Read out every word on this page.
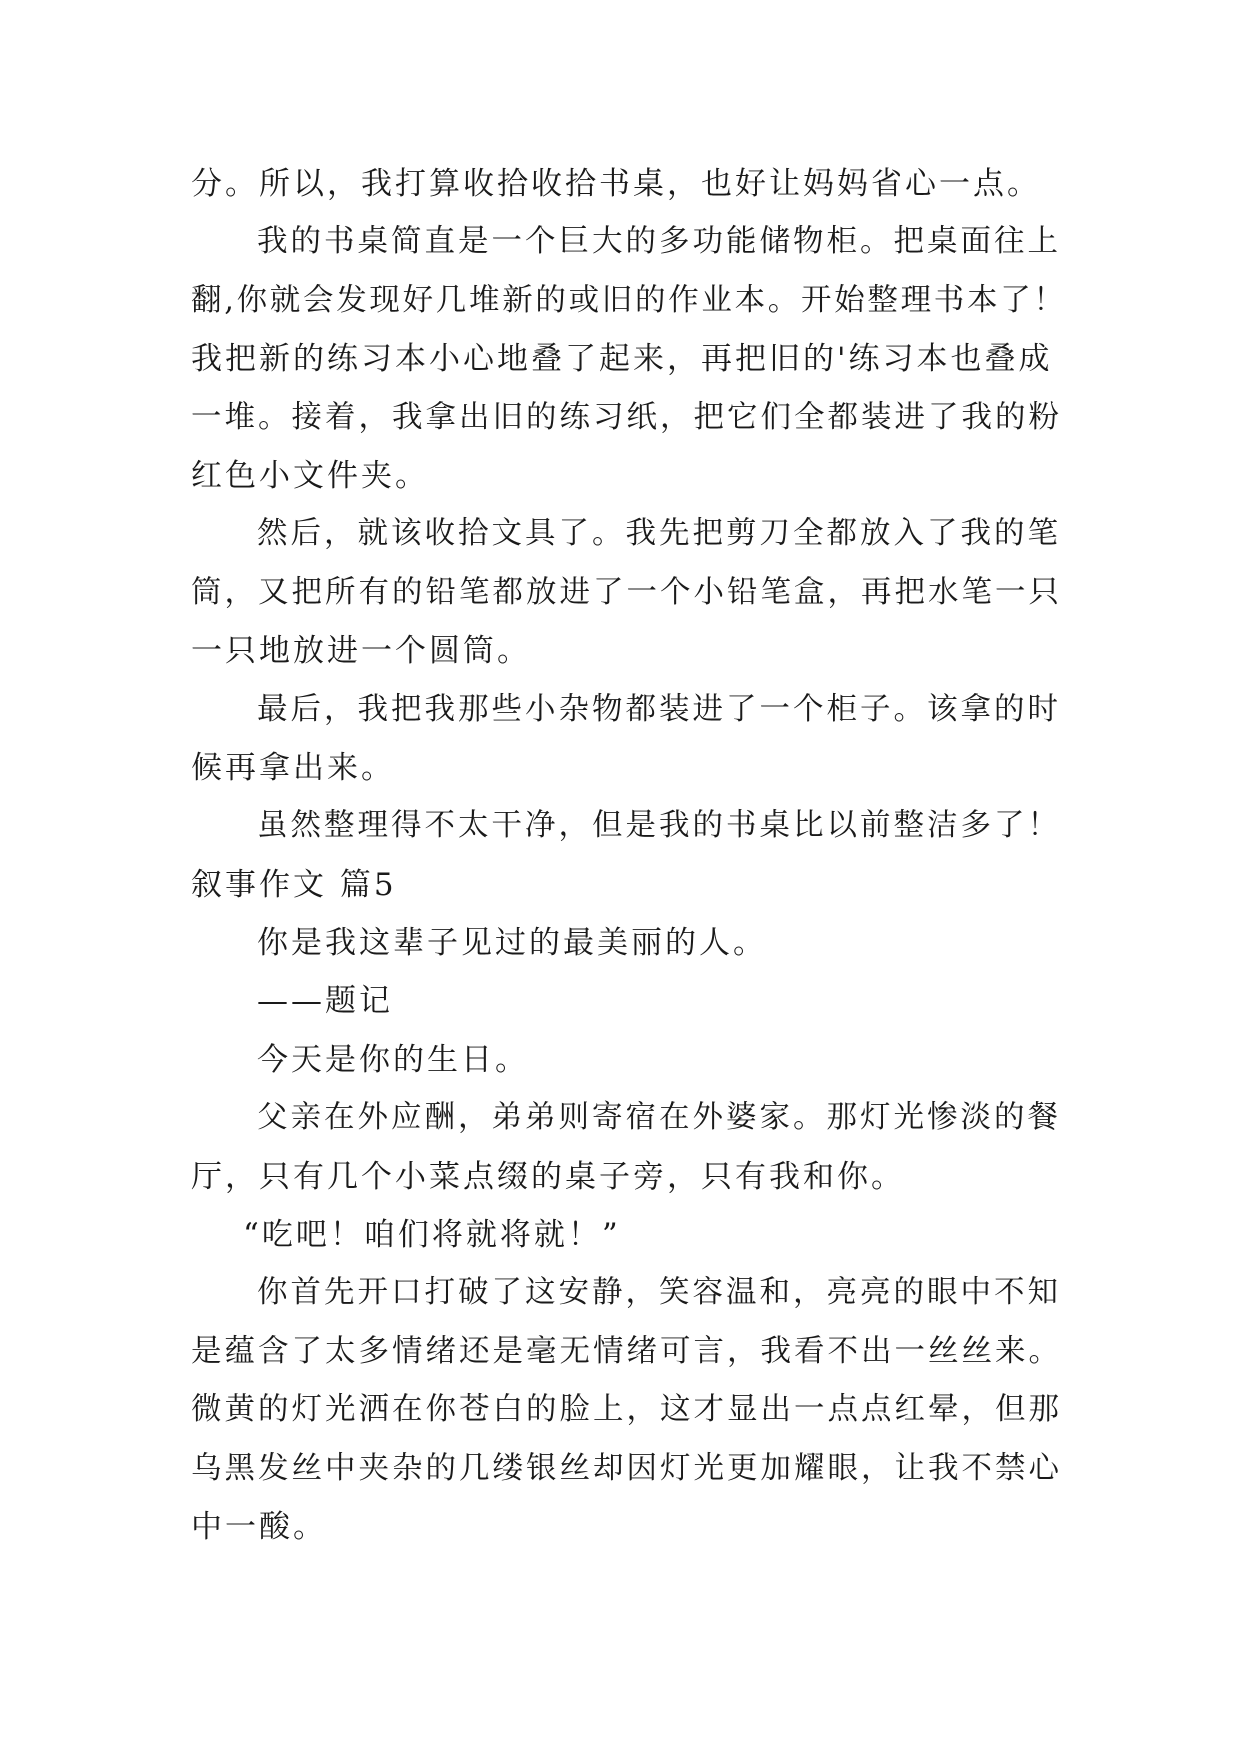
分。所以，我打算收拾收拾书桌，也好让妈妈省心一点。

我的书桌简直是一个巨大的多功能储物柜。把桌面往上

翻,你就会发现好几堆新的或旧的作业本。开始整理书本了！

我把新的练习本小心地叠了起来，再把旧的'练习本也叠成

一堆。接着，我拿出旧的练习纸，把它们全都装进了我的粉

红色小文件夹。

然后，就该收拾文具了。我先把剪刀全都放入了我的笔

筒，又把所有的铅笔都放进了一个小铅笔盒，再把水笔一只

一只地放进一个圆筒。

最后，我把我那些小杂物都装进了一个柜子。该拿的时

候再拿出来。

虽然整理得不太干净，但是我的书桌比以前整洁多了！

叙事作文 篇5

你是我这辈子见过的最美丽的人。

——题记

今天是你的生日。

父亲在外应酬，弟弟则寄宿在外婆家。那灯光惨淡的餐

厅，只有几个小菜点缀的桌子旁，只有我和你。

“吃吧！咱们将就将就！”

你首先开口打破了这安静，笑容温和，亮亮的眼中不知

是蕴含了太多情绪还是毫无情绪可言，我看不出一丝丝来。

微黄的灯光洒在你苍白的脸上，这才显出一点点红晕，但那

乌黑发丝中夹杂的几缕银丝却因灯光更加耀眼，让我不禁心

中一酸。
